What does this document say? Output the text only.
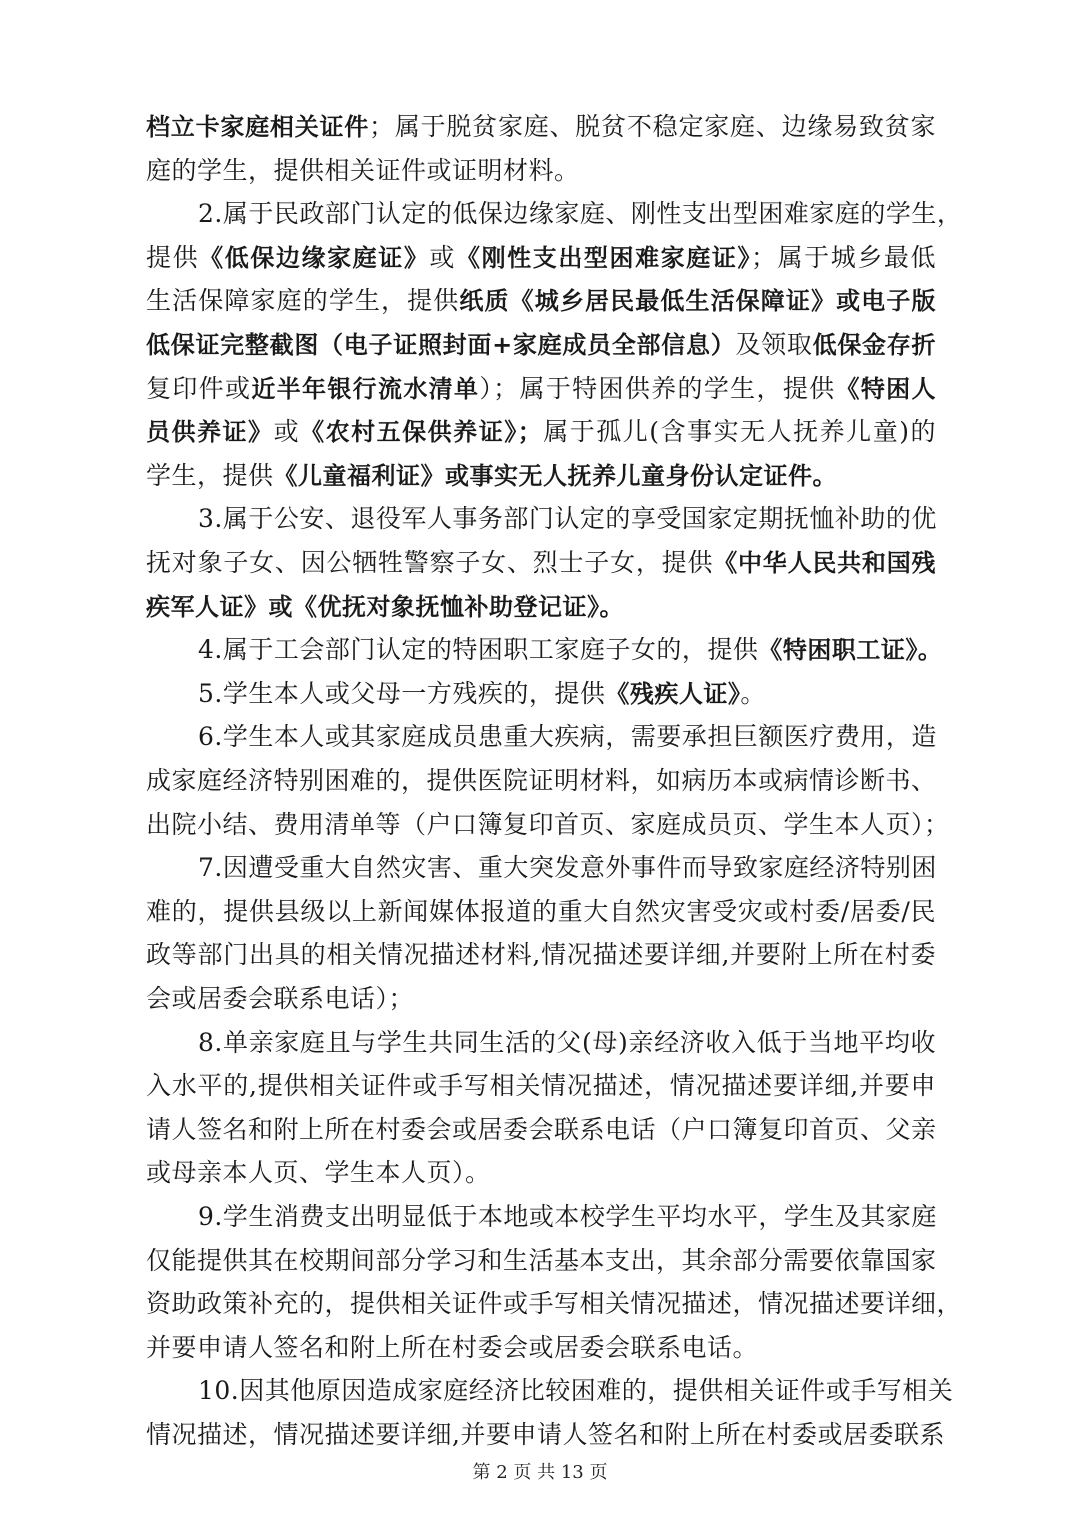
档立卡家庭相关证件；属于脱贫家庭、脱贫不稳定家庭、边缘易致贫家
庭的学生，提供相关证件或证明材料。
2.属于民政部门认定的低保边缘家庭、刚性支出型困难家庭的学生，
提供《低保边缘家庭证》或《刚性支出型困难家庭证》；属于城乡最低
生活保障家庭的学生，提供纸质《城乡居民最低生活保障证》或电子版
低保证完整截图（电子证照封面+家庭成员全部信息）及领取低保金存折
复印件或近半年银行流水清单）；属于特困供养的学生，提供《特困人
员供养证》或《农村五保供养证》；属于孤儿(含事实无人抚养儿童)的
学生，提供《儿童福利证》或事实无人抚养儿童身份认定证件。
3.属于公安、退役军人事务部门认定的享受国家定期抚恤补助的优
抚对象子女、因公牺牲警察子女、烈士子女，提供《中华人民共和国残
疾军人证》或《优抚对象抚恤补助登记证》。
4.属于工会部门认定的特困职工家庭子女的，提供《特困职工证》。
5.学生本人或父母一方残疾的，提供《残疾人证》。
6.学生本人或其家庭成员患重大疾病，需要承担巨额医疗费用，造
成家庭经济特别困难的，提供医院证明材料，如病历本或病情诊断书、
出院小结、费用清单等（户口簿复印首页、家庭成员页、学生本人页）；
7.因遭受重大自然灾害、重大突发意外事件而导致家庭经济特别困
难的，提供县级以上新闻媒体报道的重大自然灾害受灾或村委/居委/民
政等部门出具的相关情况描述材料,情况描述要详细,并要附上所在村委
会或居委会联系电话）；
8.单亲家庭且与学生共同生活的父(母)亲经济收入低于当地平均收
入水平的,提供相关证件或手写相关情况描述，情况描述要详细,并要申
请人签名和附上所在村委会或居委会联系电话（户口簿复印首页、父亲
或母亲本人页、学生本人页）。
9.学生消费支出明显低于本地或本校学生平均水平，学生及其家庭
仅能提供其在校期间部分学习和生活基本支出，其余部分需要依靠国家
资助政策补充的，提供相关证件或手写相关情况描述，情况描述要详细，
并要申请人签名和附上所在村委会或居委会联系电话。
10.因其他原因造成家庭经济比较困难的，提供相关证件或手写相关
情况描述，情况描述要详细,并要申请人签名和附上所在村委或居委联系
第 2 页 共 13 页
